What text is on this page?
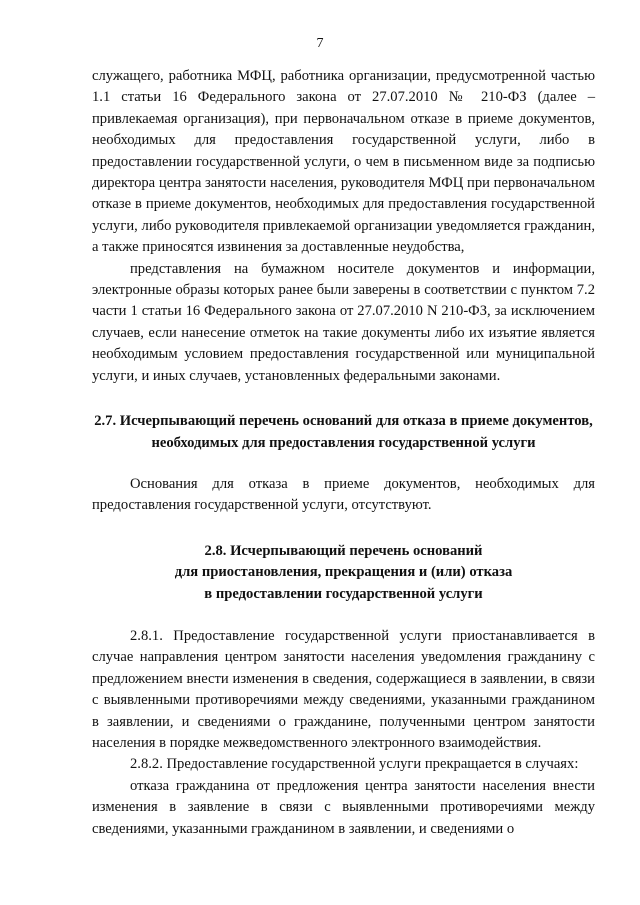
7

служащего, работника МФЦ, работника организации, предусмотренной частью 1.1 статьи 16 Федерального закона от 27.07.2010 № 210-ФЗ (далее – привлекаемая организация), при первоначальном отказе в приеме документов, необходимых для предоставления государственной услуги, либо в предоставлении государственной услуги, о чем в письменном виде за подписью директора центра занятости населения, руководителя МФЦ при первоначальном отказе в приеме документов, необходимых для предоставления государственной услуги, либо руководителя привлекаемой организации уведомляется гражданин, а также приносятся извинения за доставленные неудобства,

представления на бумажном носителе документов и информации, электронные образы которых ранее были заверены в соответствии с пунктом 7.2 части 1 статьи 16 Федерального закона от 27.07.2010 N 210-ФЗ, за исключением случаев, если нанесение отметок на такие документы либо их изъятие является необходимым условием предоставления государственной или муниципальной услуги, и иных случаев, установленных федеральными законами.

2.7. Исчерпывающий перечень оснований для отказа в приеме документов, необходимых для предоставления государственной услуги

Основания для отказа в приеме документов, необходимых для предоставления государственной услуги, отсутствуют.

2.8. Исчерпывающий перечень оснований
для приостановления, прекращения и (или) отказа
в предоставлении государственной услуги

2.8.1. Предоставление государственной услуги приостанавливается в случае направления центром занятости населения уведомления гражданину с предложением внести изменения в сведения, содержащиеся в заявлении, в связи с выявленными противоречиями между сведениями, указанными гражданином в заявлении, и сведениями о гражданине, полученными центром занятости населения в порядке межведомственного электронного взаимодействия.

2.8.2. Предоставление государственной услуги прекращается в случаях:

отказа гражданина от предложения центра занятости населения внести изменения в заявление в связи с выявленными противоречиями между сведениями, указанными гражданином в заявлении, и сведениями о
